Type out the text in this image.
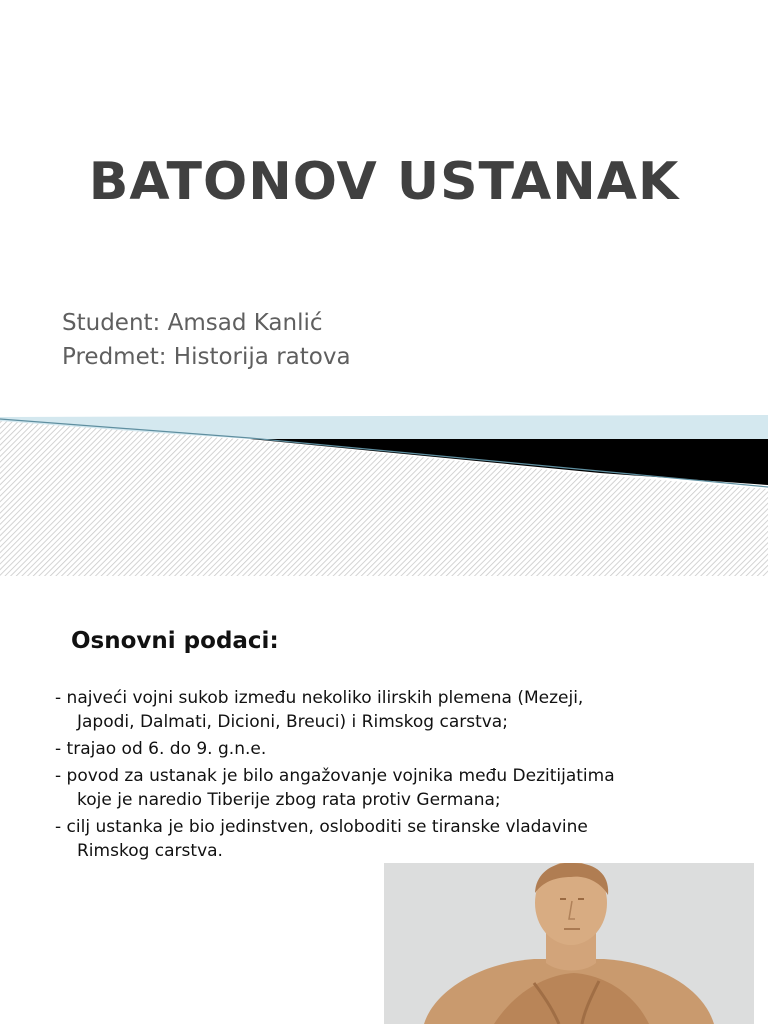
BATONOV USTANAK

Student: Amsad Kanlić

Predmet: Historija ratova

Osnovni podaci:
- najveći vojni sukob između nekoliko ilirskih plemena (Mezeji,
Japodi, Dalmati, Dicioni, Breuci) i Rimskog carstva;
- trajao od 6. do 9. g.n.e.
- povod za ustanak je bilo angažovanje vojnika među Dezitijatima
koje je naredio Tiberije zbog rata protiv Germana;
- cilj ustanka je bio jedinstven, osloboditi se tiranske vladavine
Rimskog carstva.
